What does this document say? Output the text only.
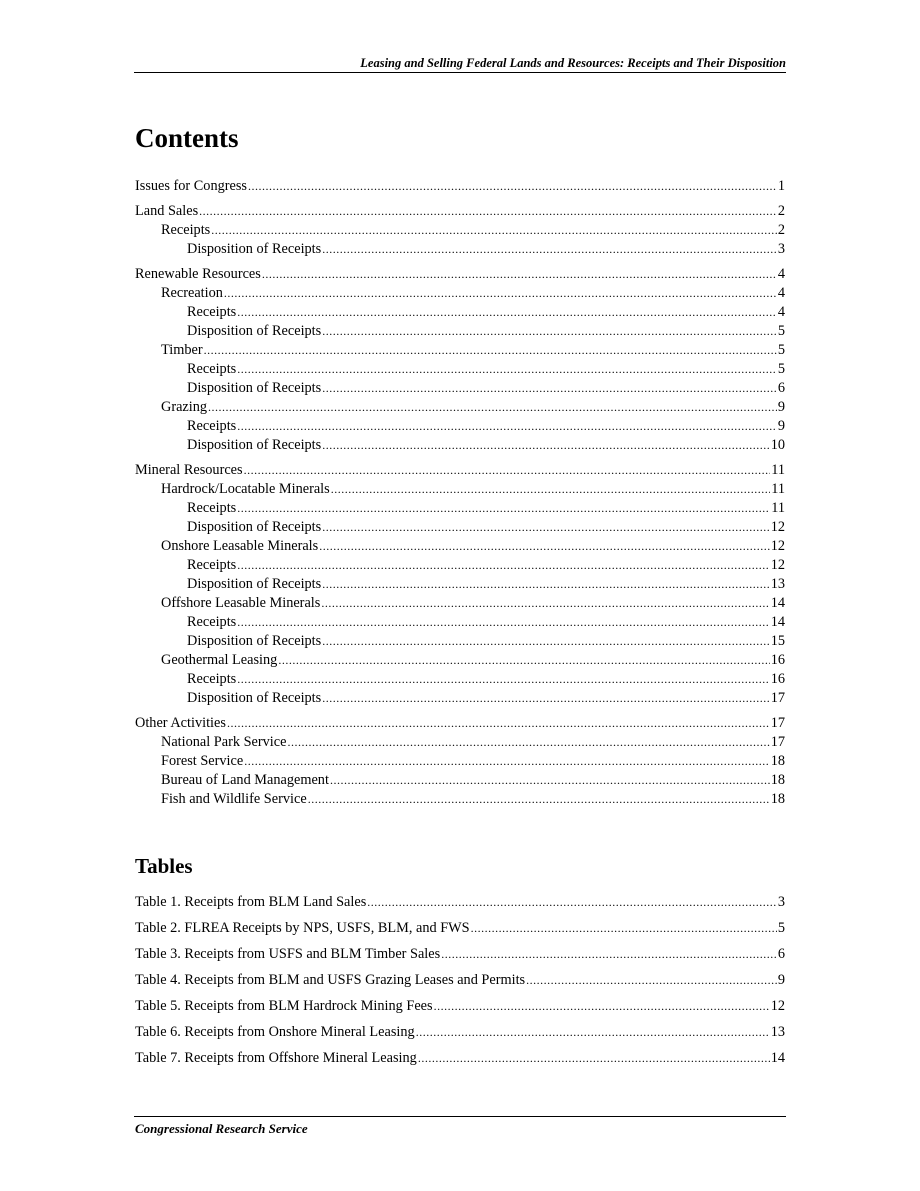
Leasing and Selling Federal Lands and Resources: Receipts and Their Disposition
Contents
Issues for Congress .....	1
Land Sales .....	2
Receipts .....	2
Disposition of Receipts .....	3
Renewable Resources .....	4
Recreation .....	4
Receipts .....	4
Disposition of Receipts .....	5
Timber .....	5
Receipts .....	5
Disposition of Receipts .....	6
Grazing .....	9
Receipts .....	9
Disposition of Receipts .....	10
Mineral Resources .....	11
Hardrock/Locatable Minerals .....	11
Receipts .....	11
Disposition of Receipts .....	12
Onshore Leasable Minerals .....	12
Receipts .....	12
Disposition of Receipts .....	13
Offshore Leasable Minerals .....	14
Receipts .....	14
Disposition of Receipts .....	15
Geothermal Leasing .....	16
Receipts .....	16
Disposition of Receipts .....	17
Other Activities .....	17
National Park Service .....	17
Forest Service .....	18
Bureau of Land Management .....	18
Fish and Wildlife Service .....	18
Tables
Table 1. Receipts from BLM Land Sales .....	3
Table 2. FLREA Receipts by NPS, USFS, BLM, and FWS .....	5
Table 3. Receipts from USFS and BLM Timber Sales .....	6
Table 4. Receipts from BLM and USFS Grazing Leases and Permits .....	9
Table 5. Receipts from BLM Hardrock Mining Fees .....	12
Table 6. Receipts from Onshore Mineral Leasing .....	13
Table 7. Receipts from Offshore Mineral Leasing .....	14
Congressional Research Service
